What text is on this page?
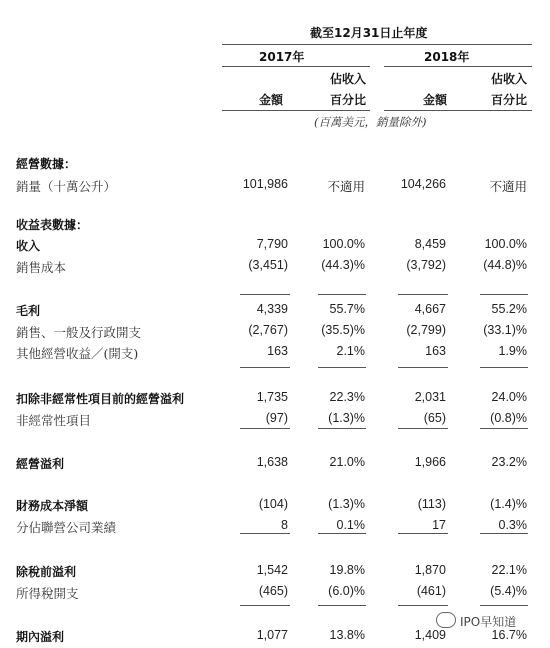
截至12月31日止年度
2017年	2018年
佔收入	佔收入
金額	百分比	金額	百分比
(百萬美元，銷量除外)
經營數據：
銷量（十萬公升）	101,986	不適用	104,266	不適用
收益表數據：
收入	7,790	100.0%	8,459	100.0%
銷售成本	(3,451)	(44.3)%	(3,792)	(44.8)%
毛利	4,339	55.7%	4,667	55.2%
銷售、一般及行政開支	(2,767)	(35.5)%	(2,799)	(33.1)%
其他經營收益／(開支)	163	2.1%	163	1.9%
扣除非經常性項目前的經營溢利	1,735	22.3%	2,031	24.0%
非經常性項目	(97)	(1.3)%	(65)	(0.8)%
經營溢利	1,638	21.0%	1,966	23.2%
財務成本淨額	(104)	(1.3)%	(113)	(1.4)%
分佔聯營公司業績	8	0.1%	17	0.3%
除稅前溢利	1,542	19.8%	1,870	22.1%
所得稅開支	(465)	(6.0)%	(461)	(5.4)%
期內溢利	1,077	13.8%	1,409	16.7%
IPO早知道
